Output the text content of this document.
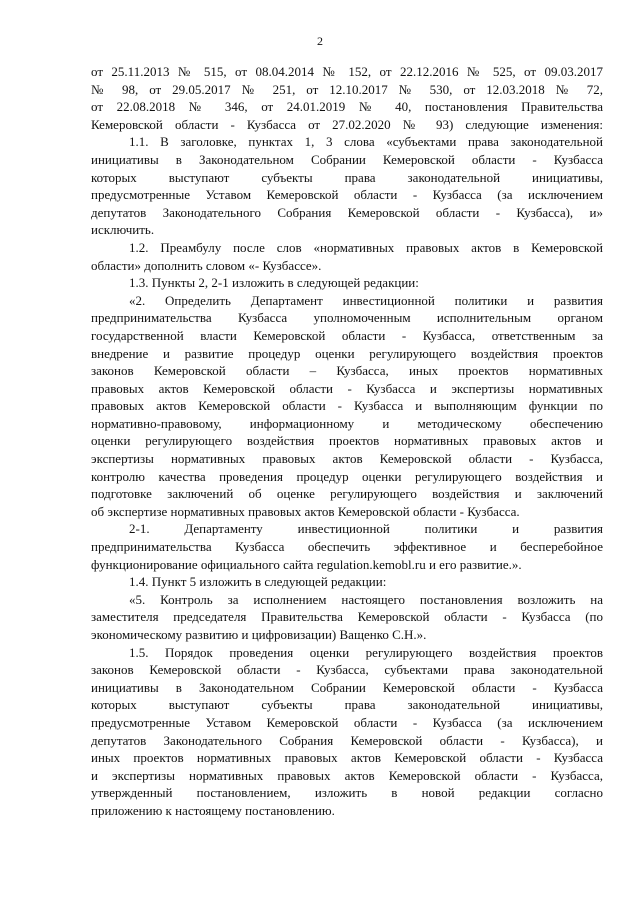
2
от 25.11.2013 № 515, от 08.04.2014 № 152, от 22.12.2016 № 525, от 09.03.2017
№ 98, от 29.05.2017 № 251, от 12.10.2017 № 530, от 12.03.2018 № 72,
от 22.08.2018 № 346, от 24.01.2019 № 40, постановления Правительства
Кемеровской области - Кузбасса от 27.02.2020 № 93) следующие изменения:
1.1. В заголовке, пунктах 1, 3 слова «субъектами права законодательной
инициативы в Законодательном Собрании Кемеровской области - Кузбасса
которых выступают субъекты права законодательной инициативы,
предусмотренные Уставом Кемеровской области - Кузбасса (за исключением
депутатов Законодательного Собрания Кемеровской области - Кузбасса), и»
исключить.
1.2. Преамбулу после слов «нормативных правовых актов в Кемеровской
области» дополнить словом «- Кузбассе».
1.3. Пункты 2, 2-1 изложить в следующей редакции:
«2. Определить Департамент инвестиционной политики и развития
предпринимательства Кузбасса уполномоченным исполнительным органом
государственной власти Кемеровской области - Кузбасса, ответственным за
внедрение и развитие процедур оценки регулирующего воздействия проектов
законов Кемеровской области – Кузбасса, иных проектов нормативных
правовых актов Кемеровской области - Кузбасса и экспертизы нормативных
правовых актов Кемеровской области - Кузбасса и выполняющим функции по
нормативно-правовому, информационному и методическому обеспечению
оценки регулирующего воздействия проектов нормативных правовых актов и
экспертизы нормативных правовых актов Кемеровской области - Кузбасса,
контролю качества проведения процедур оценки регулирующего воздействия и
подготовке заключений об оценке регулирующего воздействия и заключений
об экспертизе нормативных правовых актов Кемеровской области - Кузбасса.
2-1. Департаменту инвестиционной политики и развития
предпринимательства Кузбасса обеспечить эффективное и бесперебойное
функционирование официального сайта regulation.kemobl.ru и его развитие.».
1.4. Пункт 5 изложить в следующей редакции:
«5. Контроль за исполнением настоящего постановления возложить на
заместителя председателя Правительства Кемеровской области - Кузбасса (по
экономическому развитию и цифровизации) Ващенко С.Н.».
1.5. Порядок проведения оценки регулирующего воздействия проектов
законов Кемеровской области - Кузбасса, субъектами права законодательной
инициативы в Законодательном Собрании Кемеровской области - Кузбасса
которых выступают субъекты права законодательной инициативы,
предусмотренные Уставом Кемеровской области - Кузбасса (за исключением
депутатов Законодательного Собрания Кемеровской области - Кузбасса), и
иных проектов нормативных правовых актов Кемеровской области - Кузбасса
и экспертизы нормативных правовых актов Кемеровской области - Кузбасса,
утвержденный постановлением, изложить в новой редакции согласно
приложению к настоящему постановлению.
